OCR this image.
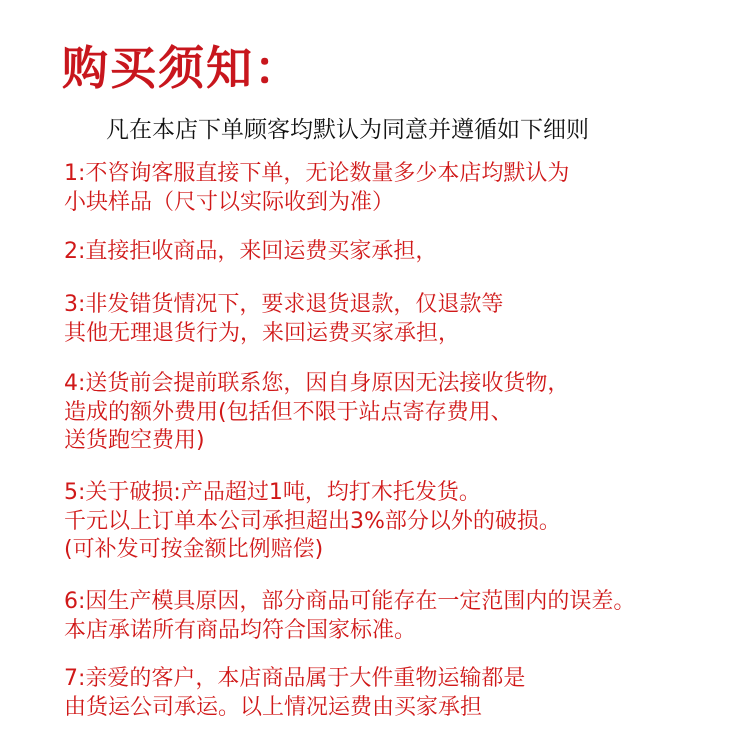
购买须知：
凡在本店下单顾客均默认为同意并遵循如下细则
1:不咨询客服直接下单，无论数量多少本店均默认为
小块样品（尺寸以实际收到为准）
2:直接拒收商品，来回运费买家承担，
3:非发错货情况下，要求退货退款，仅退款等
其他无理退货行为，来回运费买家承担，
4:送货前会提前联系您，因自身原因无法接收货物，
造成的额外费用(包括但不限于站点寄存费用、
送货跑空费用)
5:关于破损:产品超过1吨，均打木托发货。
千元以上订单本公司承担超出3%部分以外的破损。
(可补发可按金额比例赔偿)
6:因生产模具原因，部分商品可能存在一定范围内的误差。
本店承诺所有商品均符合国家标准。
7:亲爱的客户，本店商品属于大件重物运输都是
由货运公司承运。以上情况运费由买家承担
